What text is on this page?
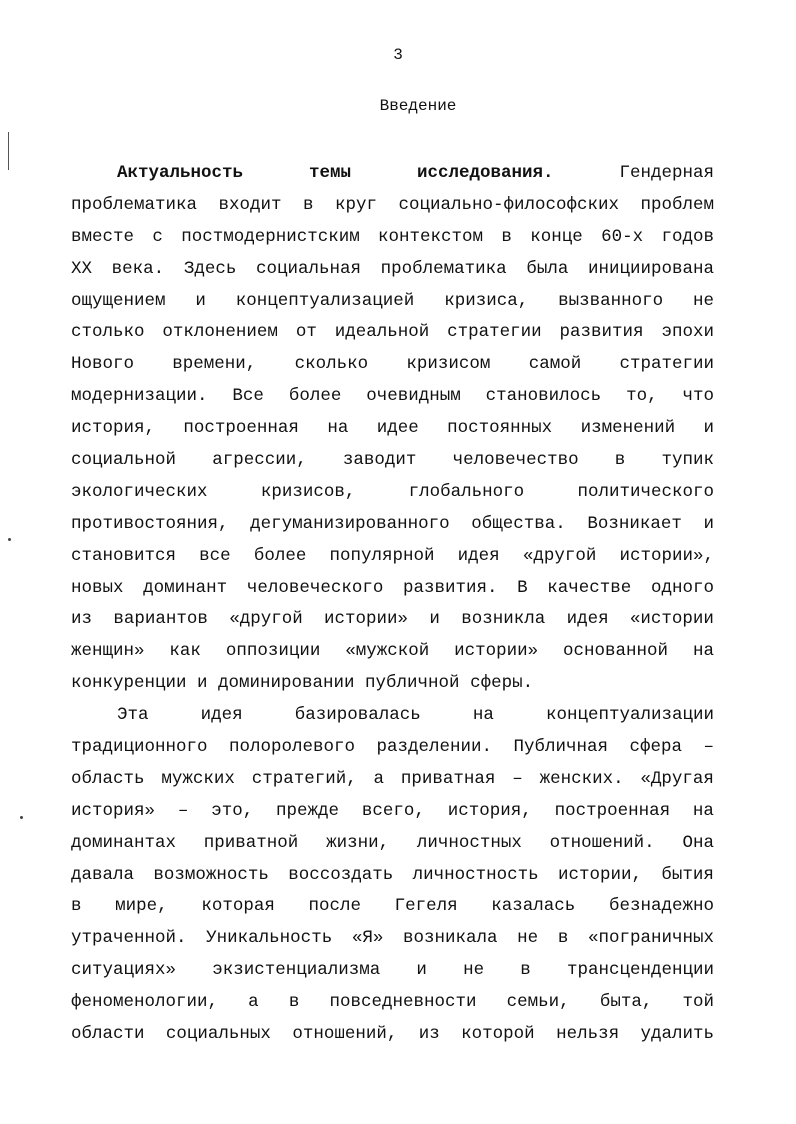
3
Введение
Актуальность	темы	исследования.	Гендерная
проблематика входит в круг социально-философских проблем
вместе с постмодернистским контекстом в конце 60-х годов
XX века. Здесь социальная проблематика была инициирована
ощущением и концептуализацией кризиса, вызванного не
столько отклонением от идеальной стратегии развития эпохи
Нового времени, сколько кризисом самой стратегии
модернизации. Все более очевидным становилось то, что
история, построенная на идее постоянных изменений и
социальной агрессии, заводит человечество в тупик
экологических	кризисов,	глобального	политического
противостояния, дегуманизированного общества. Возникает и
становится все более популярной идея «другой истории»,
новых доминант человеческого развития. В качестве одного
из вариантов «другой истории» и возникла идея «истории
женщин» как оппозиции «мужской истории» основанной на
конкуренции и доминировании публичной сферы.
Эта	идея	базировалась	на	концептуализации
традиционного полоролевого разделении. Публичная сфера –
область мужских стратегий, а приватная – женских. «Другая
история» – это, прежде всего, история, построенная на
доминантах приватной жизни, личностных отношений. Она
давала возможность воссоздать личностность истории, бытия
в мире, которая после Гегеля казалась безнадежно
утраченной. Уникальность «Я» возникала не в «пограничных
ситуациях» экзистенциализма и не в трансценденции
феноменологии, а в повседневности семьи, быта, той
области социальных отношений, из которой нельзя удалить
